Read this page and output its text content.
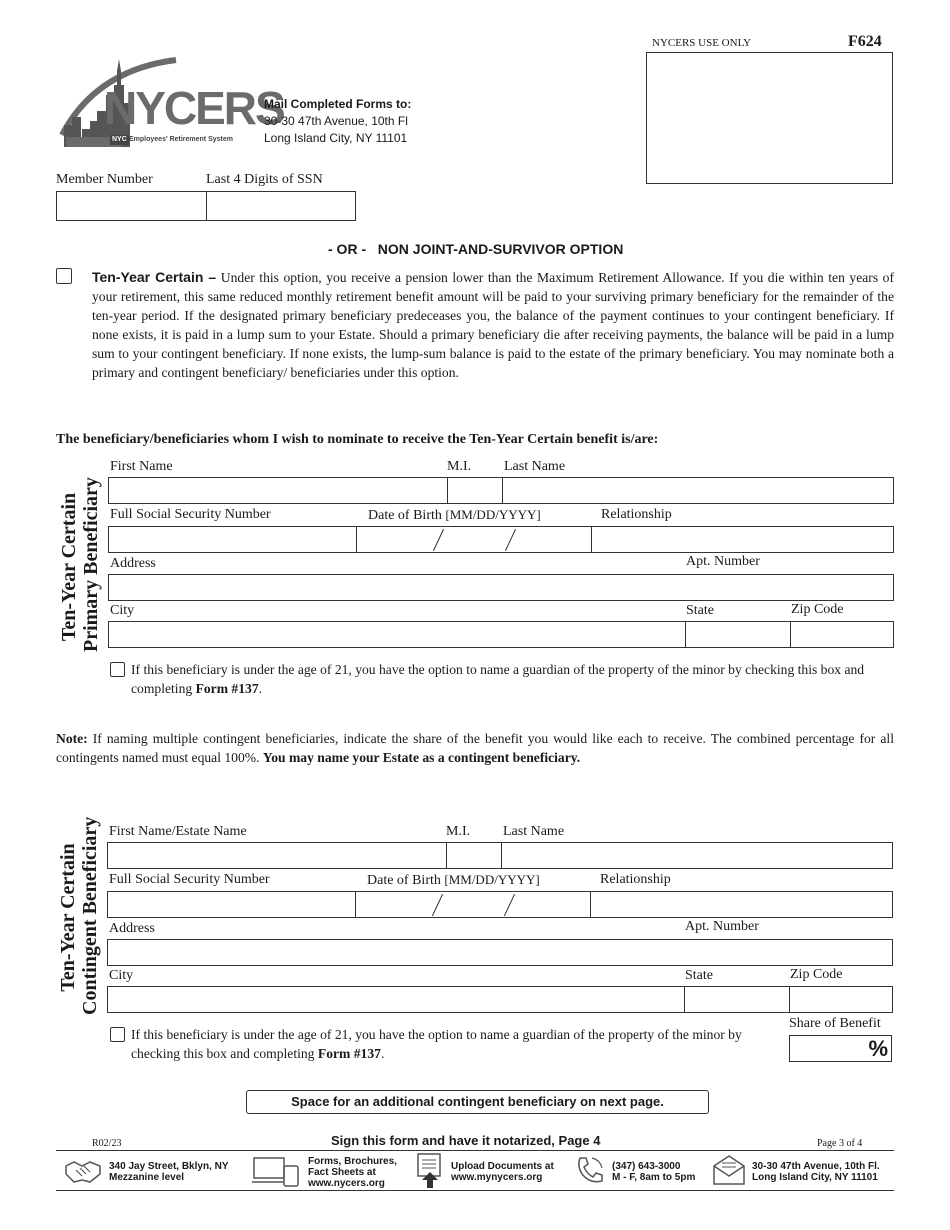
NYCERS
NYC Employees' Retirement System
Mail Completed Forms to:
30-30 47th Avenue, 10th Fl
Long Island City, NY 11101
NYCERS USE ONLY	F624
Member Number	Last 4 Digits of SSN
- OR - NON JOINT-AND-SURVIVOR OPTION
Ten-Year Certain – Under this option, you receive a pension lower than the Maximum Retirement Allowance. If you die within ten years of your retirement, this same reduced monthly retirement benefit amount will be paid to your surviving primary beneficiary for the remainder of the ten-year period. If the designated primary beneficiary predeceases you, the balance of the payment continues to your contingent beneficiary. If none exists, it is paid in a lump sum to your Estate. Should a primary beneficiary die after receiving payments, the balance will be paid in a lump sum to your contingent beneficiary. If none exists, the lump-sum balance is paid to the estate of the primary beneficiary. You may nominate both a primary and contingent beneficiary/ beneficiaries under this option.
The beneficiary/beneficiaries whom I wish to nominate to receive the Ten-Year Certain benefit is/are:
Ten-Year Certain Primary Beneficiary
First Name	M.I. Last Name
Full Social Security Number	Date of Birth [MM/DD/YYYY]	Relationship
Address	Apt. Number
City	State	Zip Code
If this beneficiary is under the age of 21, you have the option to name a guardian of the property of the minor by checking this box and completing Form #137.
Note: If naming multiple contingent beneficiaries, indicate the share of the benefit you would like each to receive. The combined percentage for all contingents named must equal 100%. You may name your Estate as a contingent beneficiary.
Ten-Year Certain Contingent Beneficiary First Name/Estate Name	M.I. Last Name
Full Social Security Number	Date of Birth [MM/DD/YYYY]	Relationship
Address	Apt. Number
City	State	Zip Code
If this beneficiary is under the age of 21, you have the option to name a guardian of the property of the minor by checking this box and completing Form #137.
Share of Benefit
%
Space for an additional contingent beneficiary on next page.
R02/23	Sign this form and have it notarized, Page 4	Page 3 of 4
340 Jay Street, Bklyn, NY
Mezzanine level
Forms, Brochures,
Fact Sheets at
www.nycers.org
Upload Documents at
www.mynycers.org
(347) 643-3000
M - F, 8am to 5pm
30-30 47th Avenue, 10th Fl.
Long Island City, NY 11101
